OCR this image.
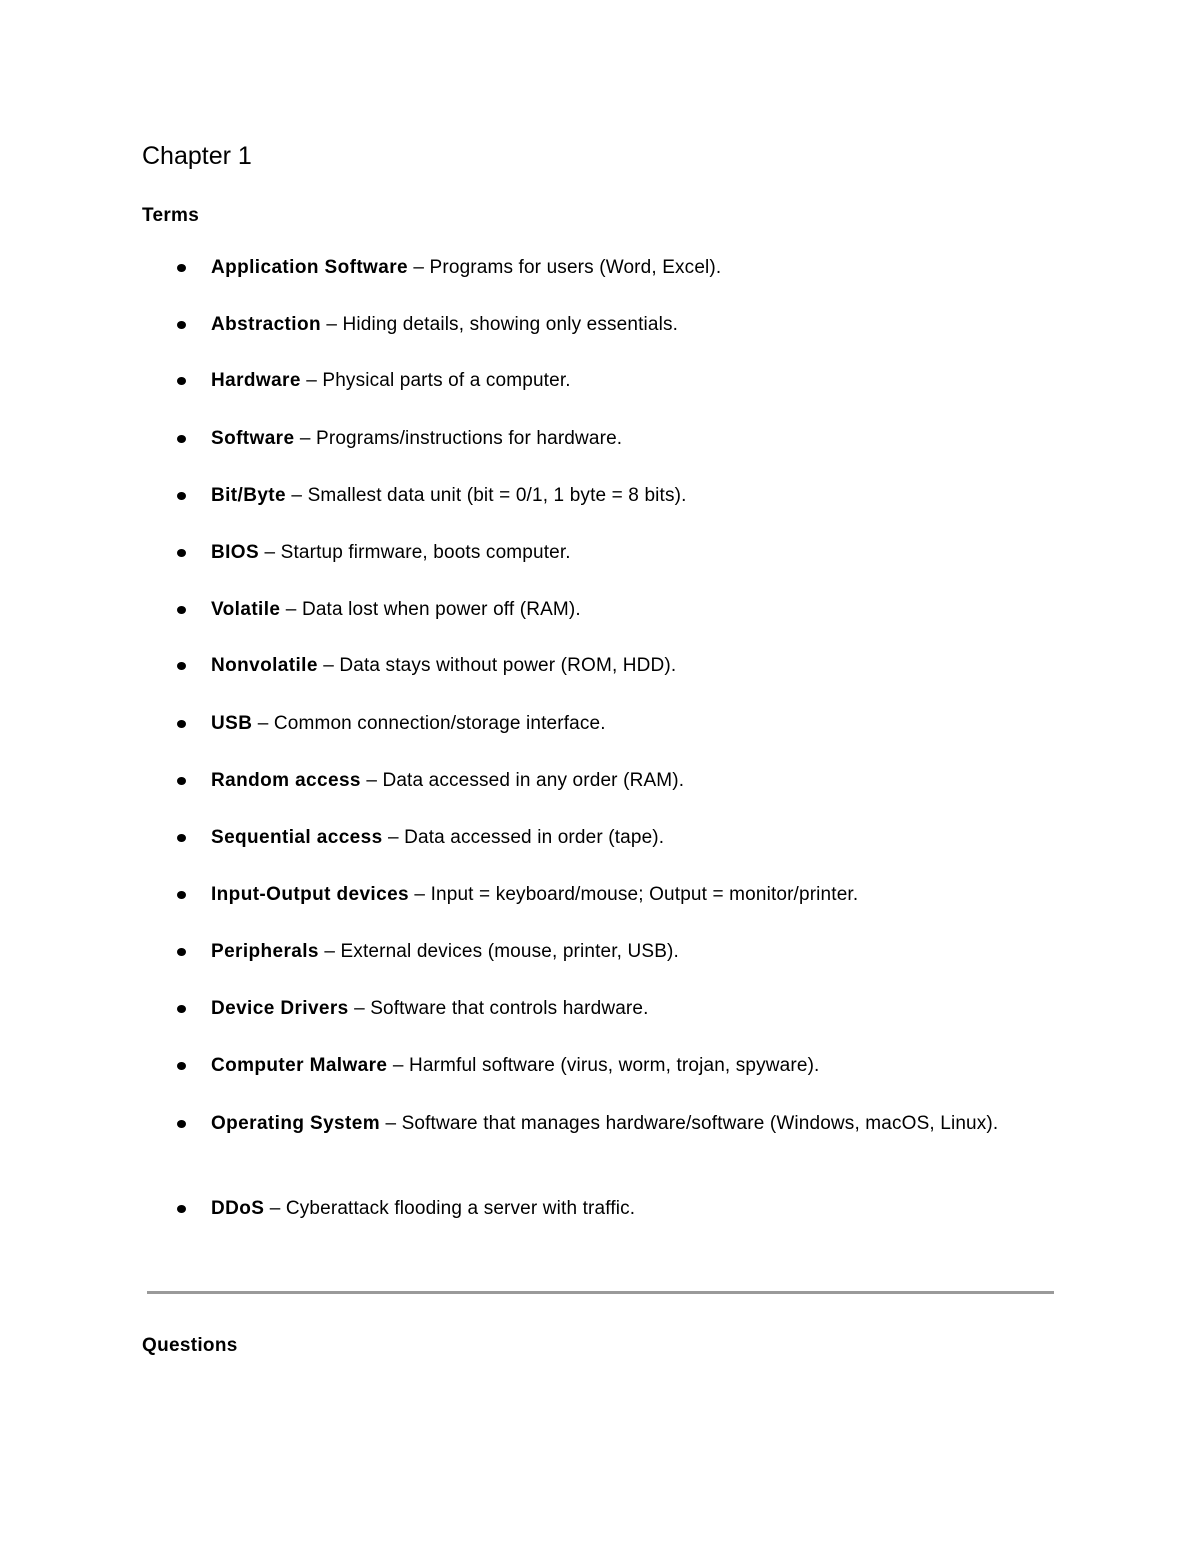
Chapter 1
Terms
Application Software – Programs for users (Word, Excel).
Abstraction – Hiding details, showing only essentials.
Hardware – Physical parts of a computer.
Software – Programs/instructions for hardware.
Bit/Byte – Smallest data unit (bit = 0/1, 1 byte = 8 bits).
BIOS – Startup firmware, boots computer.
Volatile – Data lost when power off (RAM).
Nonvolatile – Data stays without power (ROM, HDD).
USB – Common connection/storage interface.
Random access – Data accessed in any order (RAM).
Sequential access – Data accessed in order (tape).
Input-Output devices – Input = keyboard/mouse; Output = monitor/printer.
Peripherals – External devices (mouse, printer, USB).
Device Drivers – Software that controls hardware.
Computer Malware – Harmful software (virus, worm, trojan, spyware).
Operating System – Software that manages hardware/software (Windows, macOS, Linux).
DDoS – Cyberattack flooding a server with traffic.
Questions
